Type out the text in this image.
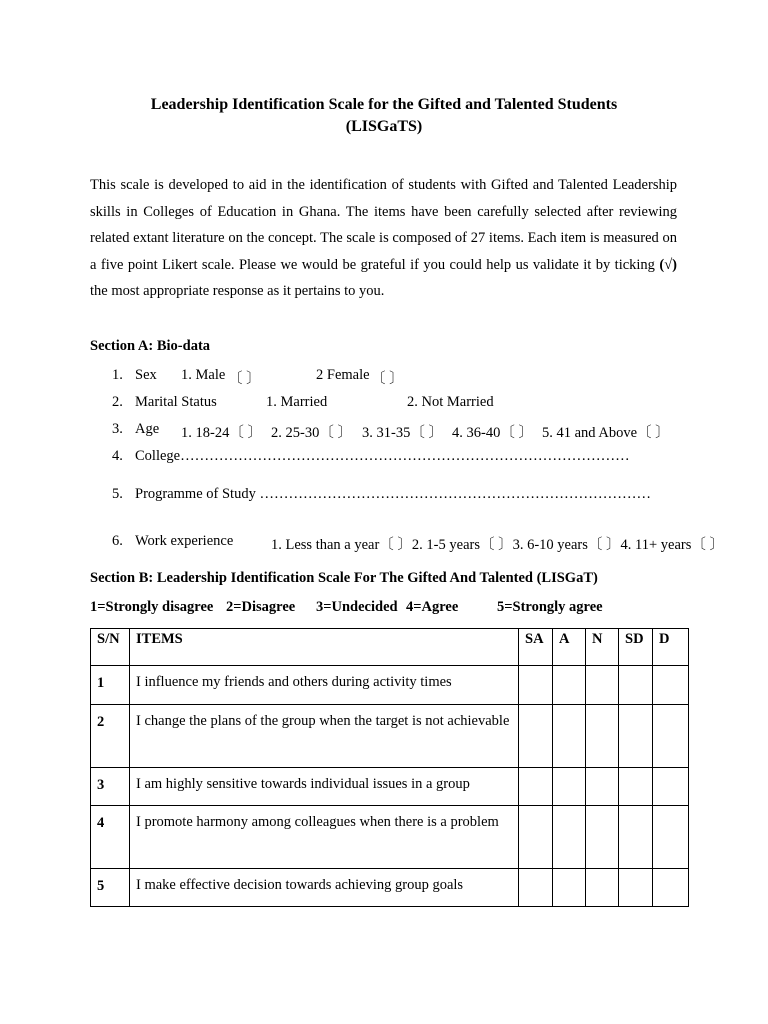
Leadership Identification Scale for the Gifted and Talented Students
(LISGaTS)
This scale is developed to aid in the identification of students with Gifted and Talented Leadership skills in Colleges of Education in Ghana. The items have been carefully selected after reviewing related extant literature on the concept. The scale is composed of 27 items. Each item is measured on a five point Likert scale. Please we would be grateful if you could help us validate it by ticking (√) the most appropriate response as it pertains to you.
Section A: Bio-data
1. Sex 1. Male 〔 〕	2 Female 〔 〕
2. Marital Status	1. Married	2. Not Married
3. Age 1. 18-24〔 〕 2. 25-30〔 〕 3. 31-35〔 〕 4. 36-40〔 〕 5. 41 and Above〔 〕
4. College…………………………………………………………………………………
5. Programme of Study ………………………………………………………………………
6. Work experience	1. Less than a year〔 〕2. 1-5 years〔 〕3. 6-10 years〔 〕4. 11+ years〔 〕
Section B: Leadership Identification Scale For The Gifted And Talented (LISGaT)
1=Strongly disagree 2=Disagree 3=Undecided 4=Agree	5=Strongly agree
S/N	ITEMS	SA	A	N	SD	D
1	I influence my friends and others during activity times					

2	I change the plans of the group when the target is not achievable					

3	I am highly sensitive towards individual issues in a group					

4	I promote harmony among colleagues when there is a problem					

5	I make effective decision towards achieving group goals					
